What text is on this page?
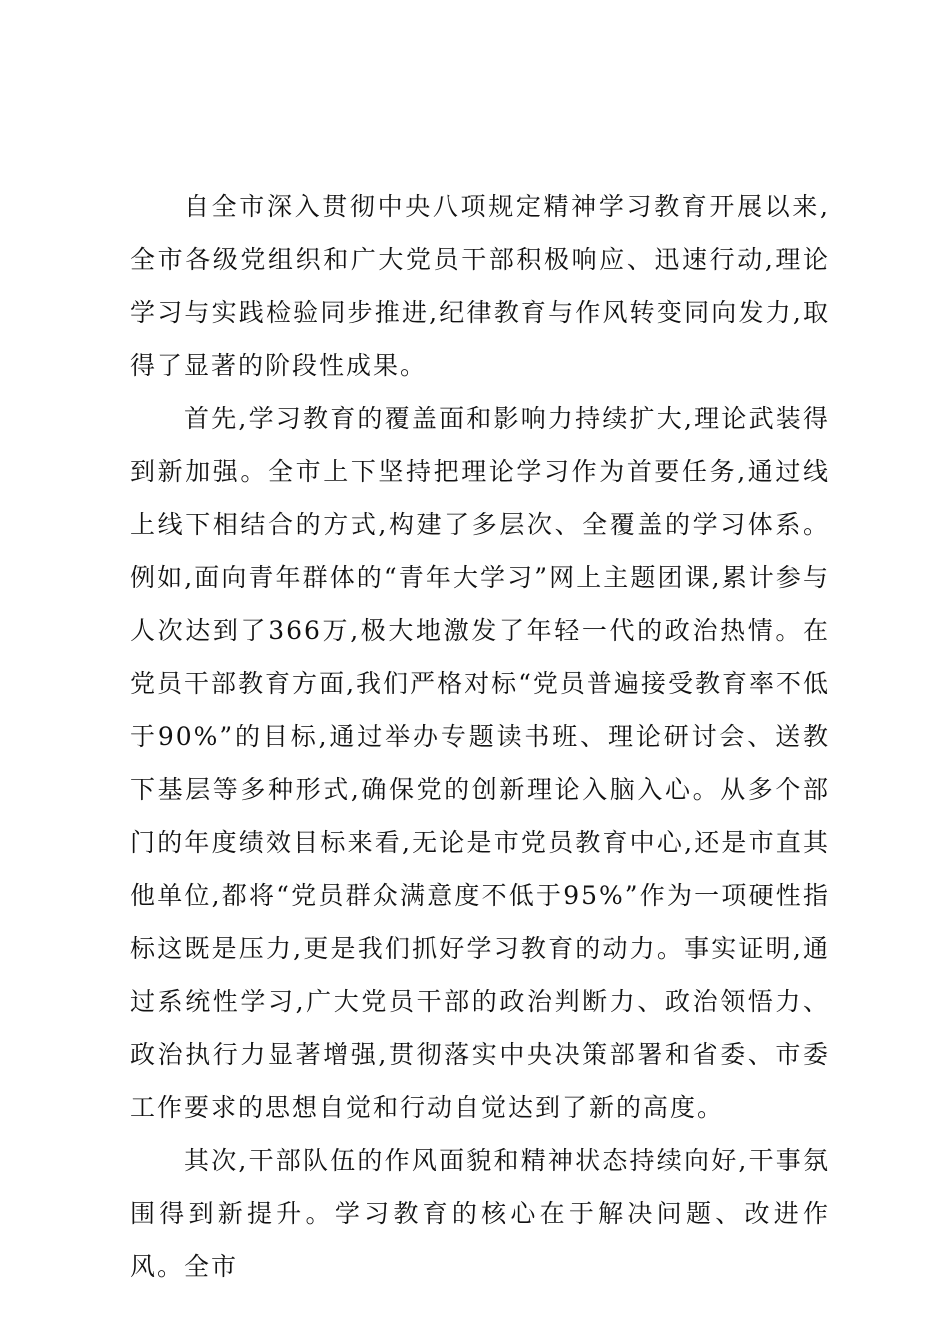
自全市深入贯彻中央八项规定精神学习教育开展以来,全市各级党组织和广大党员干部积极响应、迅速行动,理论学习与实践检验同步推进,纪律教育与作风转变同向发力,取得了显著的阶段性成果。

首先,学习教育的覆盖面和影响力持续扩大,理论武装得到新加强。全市上下坚持把理论学习作为首要任务,通过线上线下相结合的方式,构建了多层次、全覆盖的学习体系。例如,面向青年群体的“青年大学习”网上主题团课,累计参与人次达到了366万,极大地激发了年轻一代的政治热情。在党员干部教育方面,我们严格对标“党员普遍接受教育率不低于90%”的目标,通过举办专题读书班、理论研讨会、送教下基层等多种形式,确保党的创新理论入脑入心。从多个部门的年度绩效目标来看,无论是市党员教育中心,还是市直其他单位,都将“党员群众满意度不低于95%”作为一项硬性指标这既是压力,更是我们抓好学习教育的动力。事实证明,通过系统性学习,广大党员干部的政治判断力、政治领悟力、政治执行力显著增强,贯彻落实中央决策部署和省委、市委工作要求的思想自觉和行动自觉达到了新的高度。

其次,干部队伍的作风面貌和精神状态持续向好,干事氛围得到新提升。学习教育的核心在于解决问题、改进作风。全市
